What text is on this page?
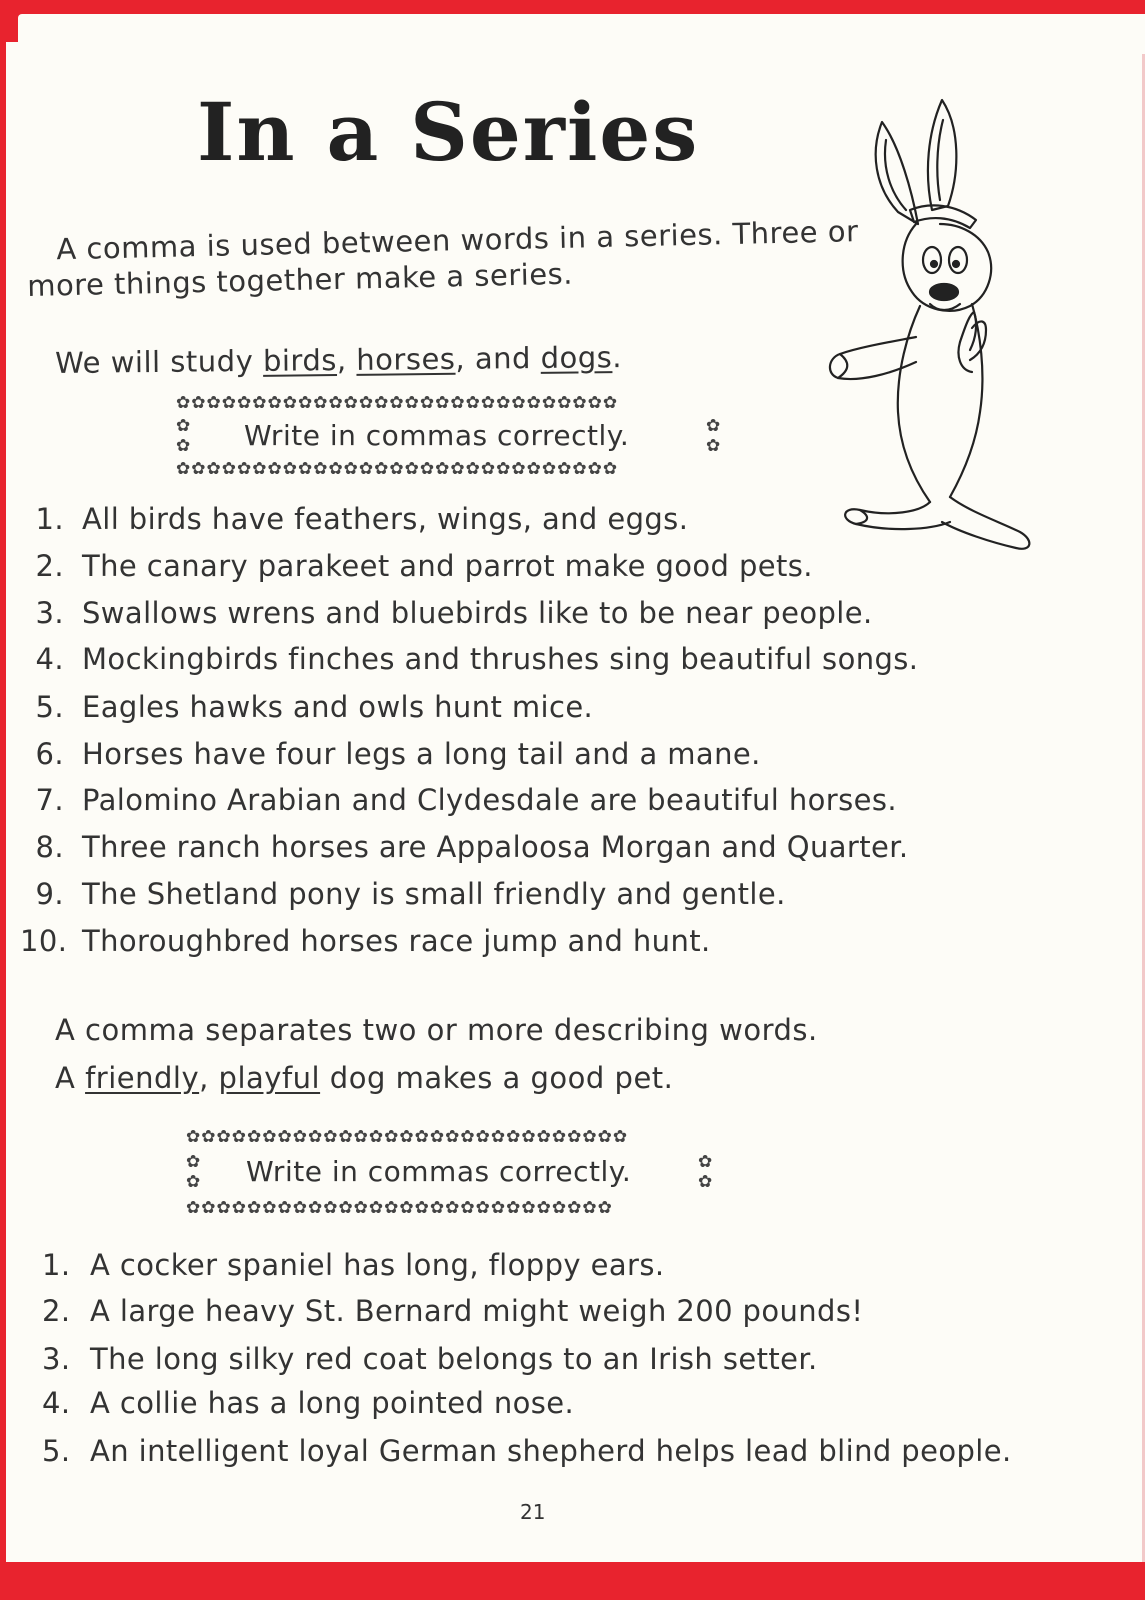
In a Series
A comma is used between words in a series. Three or
more things together make a series.
We will study birds, horses, and dogs.
✿✿✿✿✿✿✿✿✿✿✿✿✿✿✿✿✿✿✿✿✿✿✿✿✿✿✿✿✿
✿
✿
✿
✿
Write in commas correctly.
✿✿✿✿✿✿✿✿✿✿✿✿✿✿✿✿✿✿✿✿✿✿✿✿✿✿✿✿✿
1. All birds have feathers, wings, and eggs.
2. The canary parakeet and parrot make good pets.
3. Swallows wrens and bluebirds like to be near people.
4. Mockingbirds finches and thrushes sing beautiful songs.
5. Eagles hawks and owls hunt mice.
6. Horses have four legs a long tail and a mane.
7. Palomino Arabian and Clydesdale are beautiful horses.
8. Three ranch horses are Appaloosa Morgan and Quarter.
9. The Shetland pony is small friendly and gentle.
10. Thoroughbred horses race jump and hunt.
A comma separates two or more describing words.
A friendly, playful dog makes a good pet.
✿✿✿✿✿✿✿✿✿✿✿✿✿✿✿✿✿✿✿✿✿✿✿✿✿✿✿✿✿
✿
✿
✿
✿
Write in commas correctly.
✿✿✿✿✿✿✿✿✿✿✿✿✿✿✿✿✿✿✿✿✿✿✿✿✿✿✿✿
1. A cocker spaniel has long, floppy ears.
2. A large heavy St. Bernard might weigh 200 pounds!
3. The long silky red coat belongs to an Irish setter.
4. A collie has a long pointed nose.
5. An intelligent loyal German shepherd helps lead blind people.
21
